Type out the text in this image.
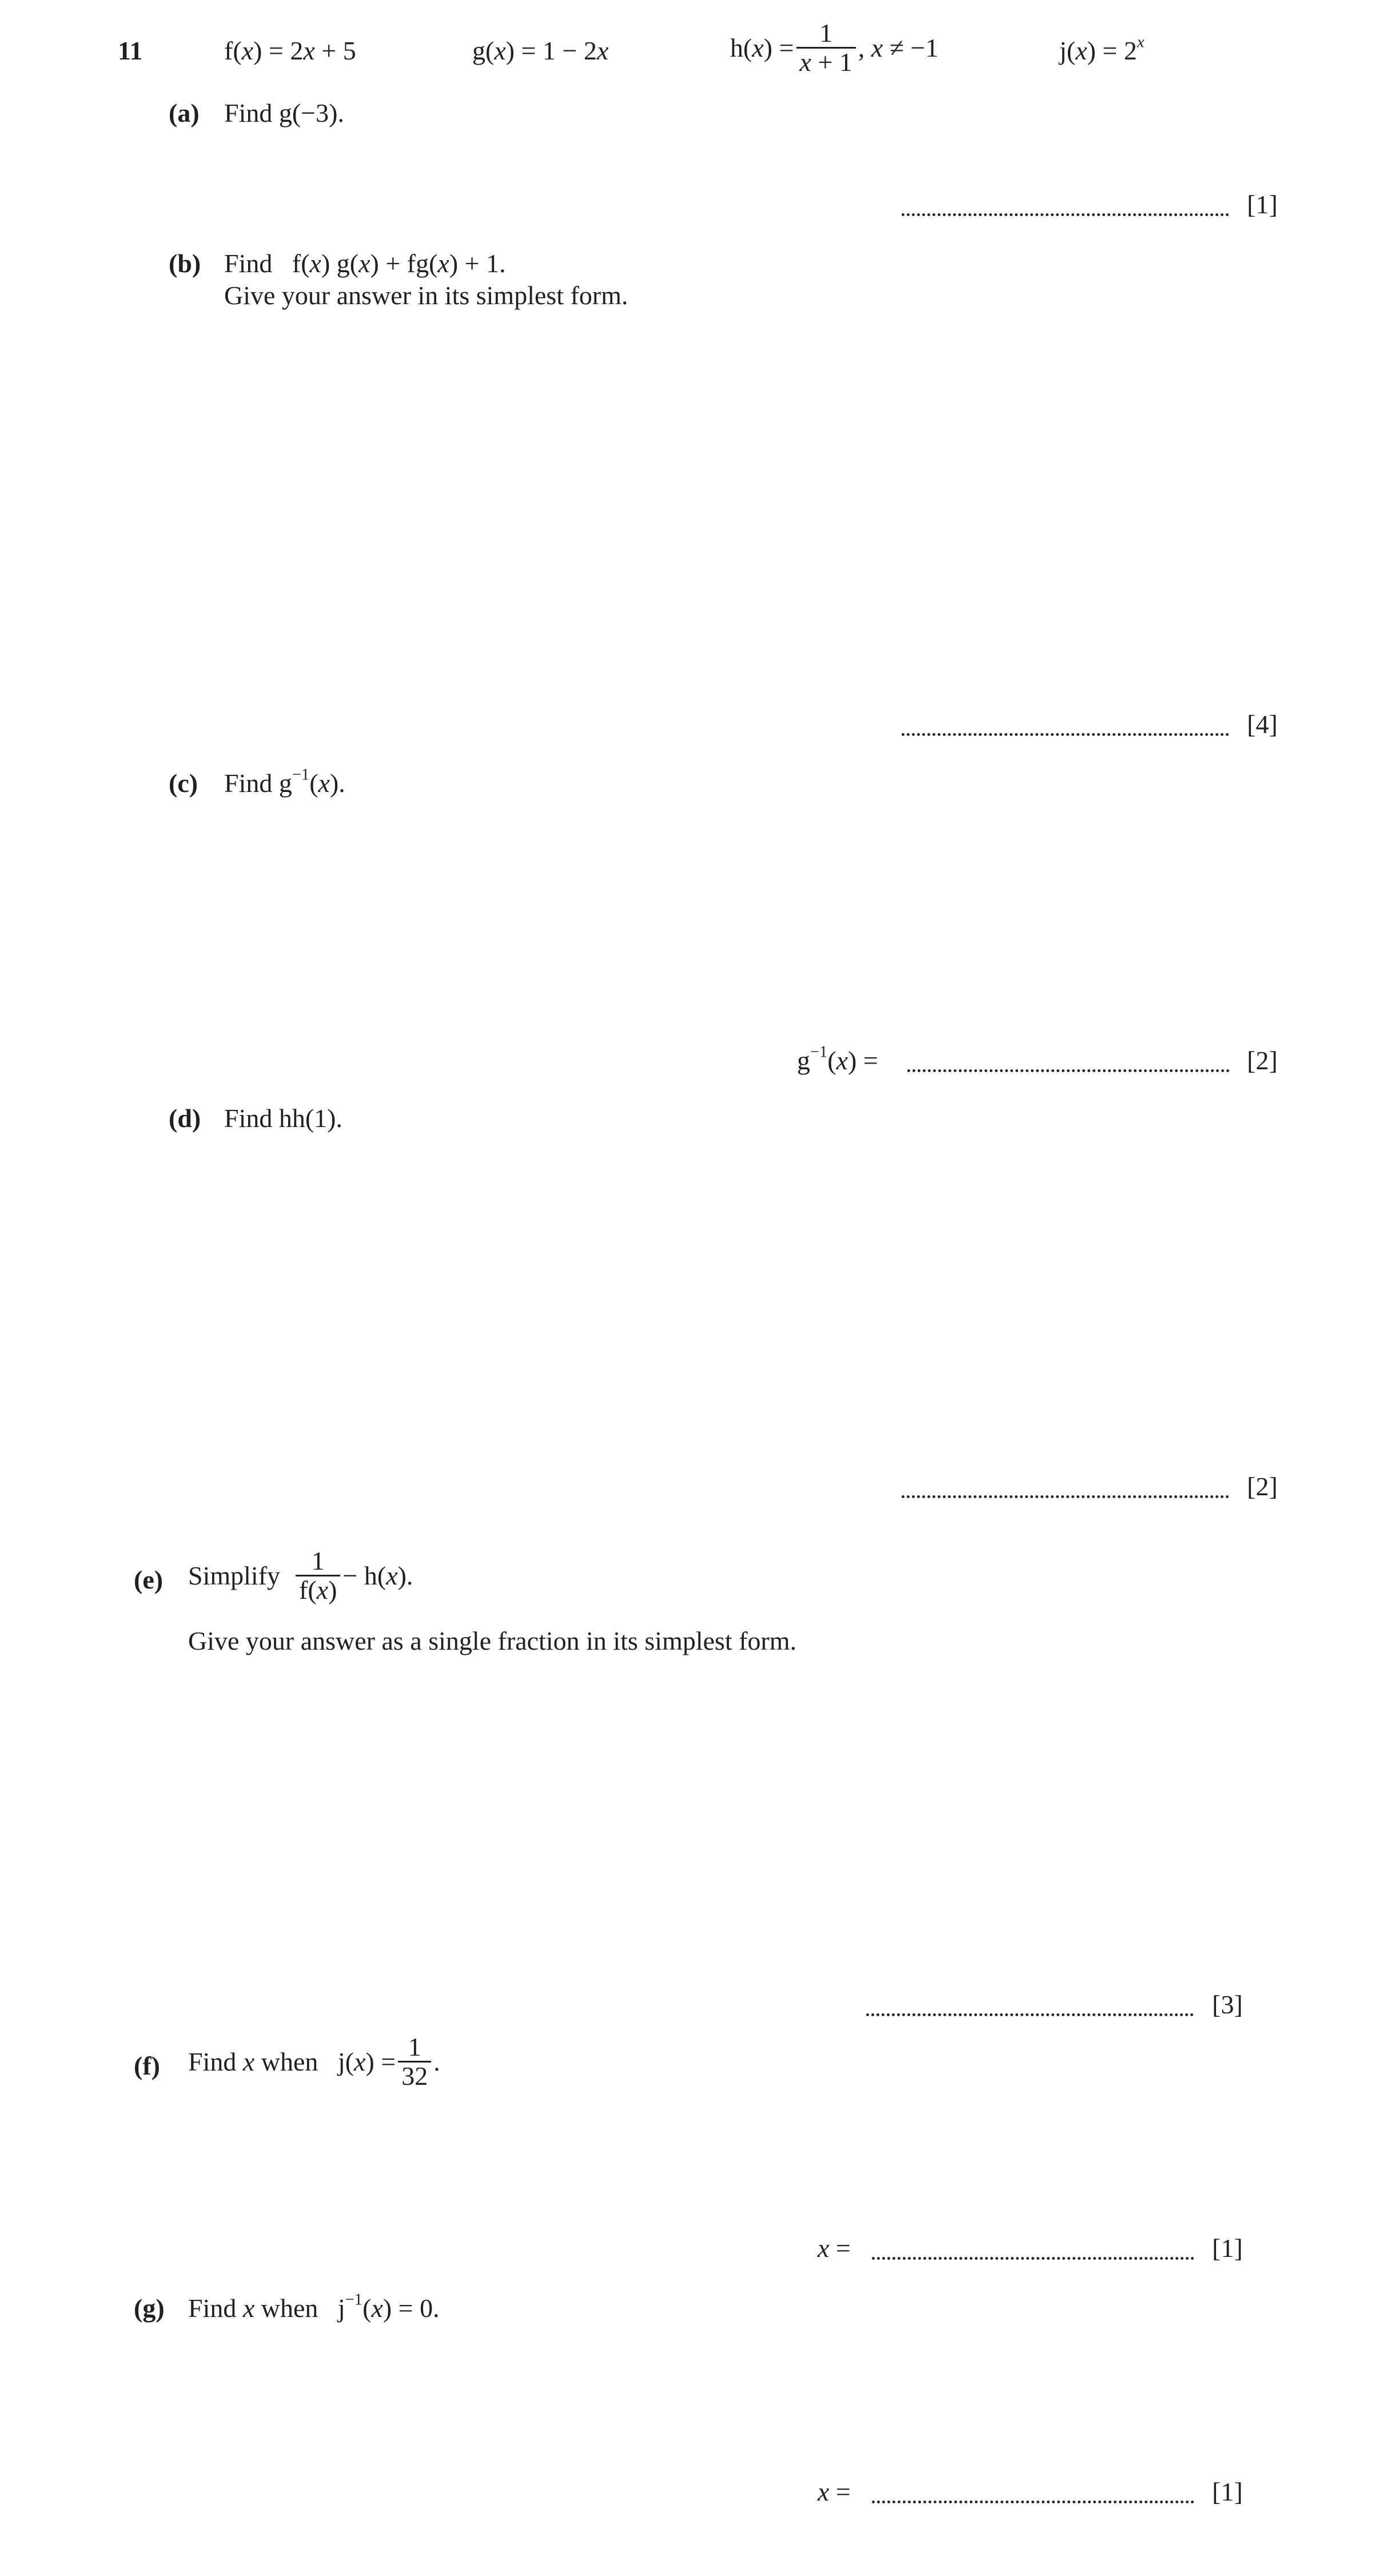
11	f(x) = 2x + 5	g(x) = 1 − 2x	$h(x) = \frac{1}{x + 1}$ , x ≠ −1	$j(x) = 2^x$
(a) Find g(−3).
[1]
(b) Find f(x) g(x) + fg(x) + 1.
Give your answer in its simplest form.
[4]
(c) Find $g^{-1}(x)$.
$g^{-1}(x)$ =	[2]
(d) Find hh(1).
[2]
(e) Simplify $\frac{1}{f(x)} - h(x)$.
Give your answer as a single fraction in its simplest form.
[3]
(f) Find x when $j(x) = \frac{1}{32}$ .
x =	[1]
(g) Find x when $j^{-1}(x) = 0$.
x =	[1]
